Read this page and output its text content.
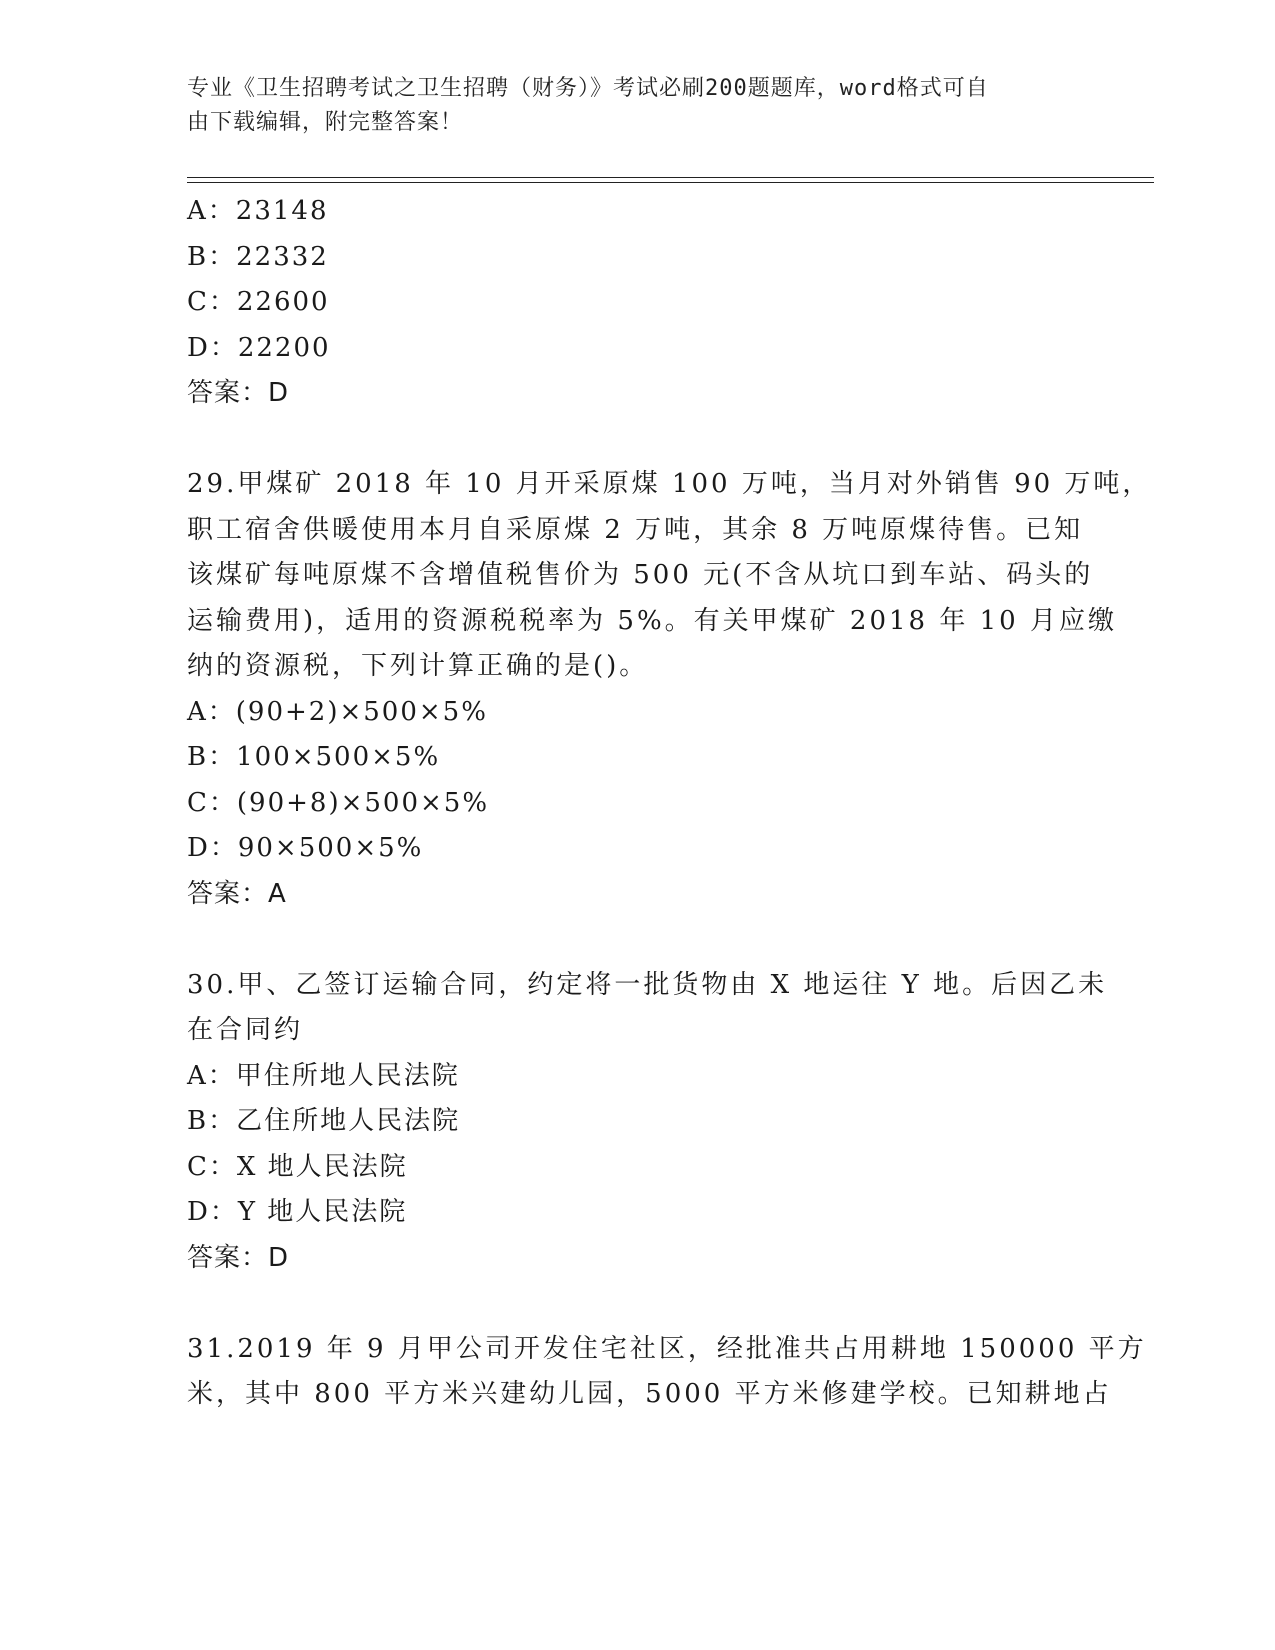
专业《卫生招聘考试之卫生招聘（财务）》考试必刷200题题库，word格式可自
由下载编辑，附完整答案！
A：23148
B：22332
C：22600
D：22200
答案：D
29.甲煤矿 2018 年 10 月开采原煤 100 万吨，当月对外销售 90 万吨，
职工宿舍供暖使用本月自采原煤 2 万吨，其余 8 万吨原煤待售。已知
该煤矿每吨原煤不含增值税售价为 500 元(不含从坑口到车站、码头的
运输费用)，适用的资源税税率为 5%。有关甲煤矿 2018 年 10 月应缴
纳的资源税，下列计算正确的是()。
A：(90+2)×500×5%
B：100×500×5%
C：(90+8)×500×5%
D：90×500×5%
答案：A
30.甲、乙签订运输合同，约定将一批货物由 X 地运往 Y 地。后因乙未
在合同约
A：甲住所地人民法院
B：乙住所地人民法院
C：X 地人民法院
D：Y 地人民法院
答案：D
31.2019 年 9 月甲公司开发住宅社区，经批准共占用耕地 150000 平方
米，其中 800 平方米兴建幼儿园，5000 平方米修建学校。已知耕地占
